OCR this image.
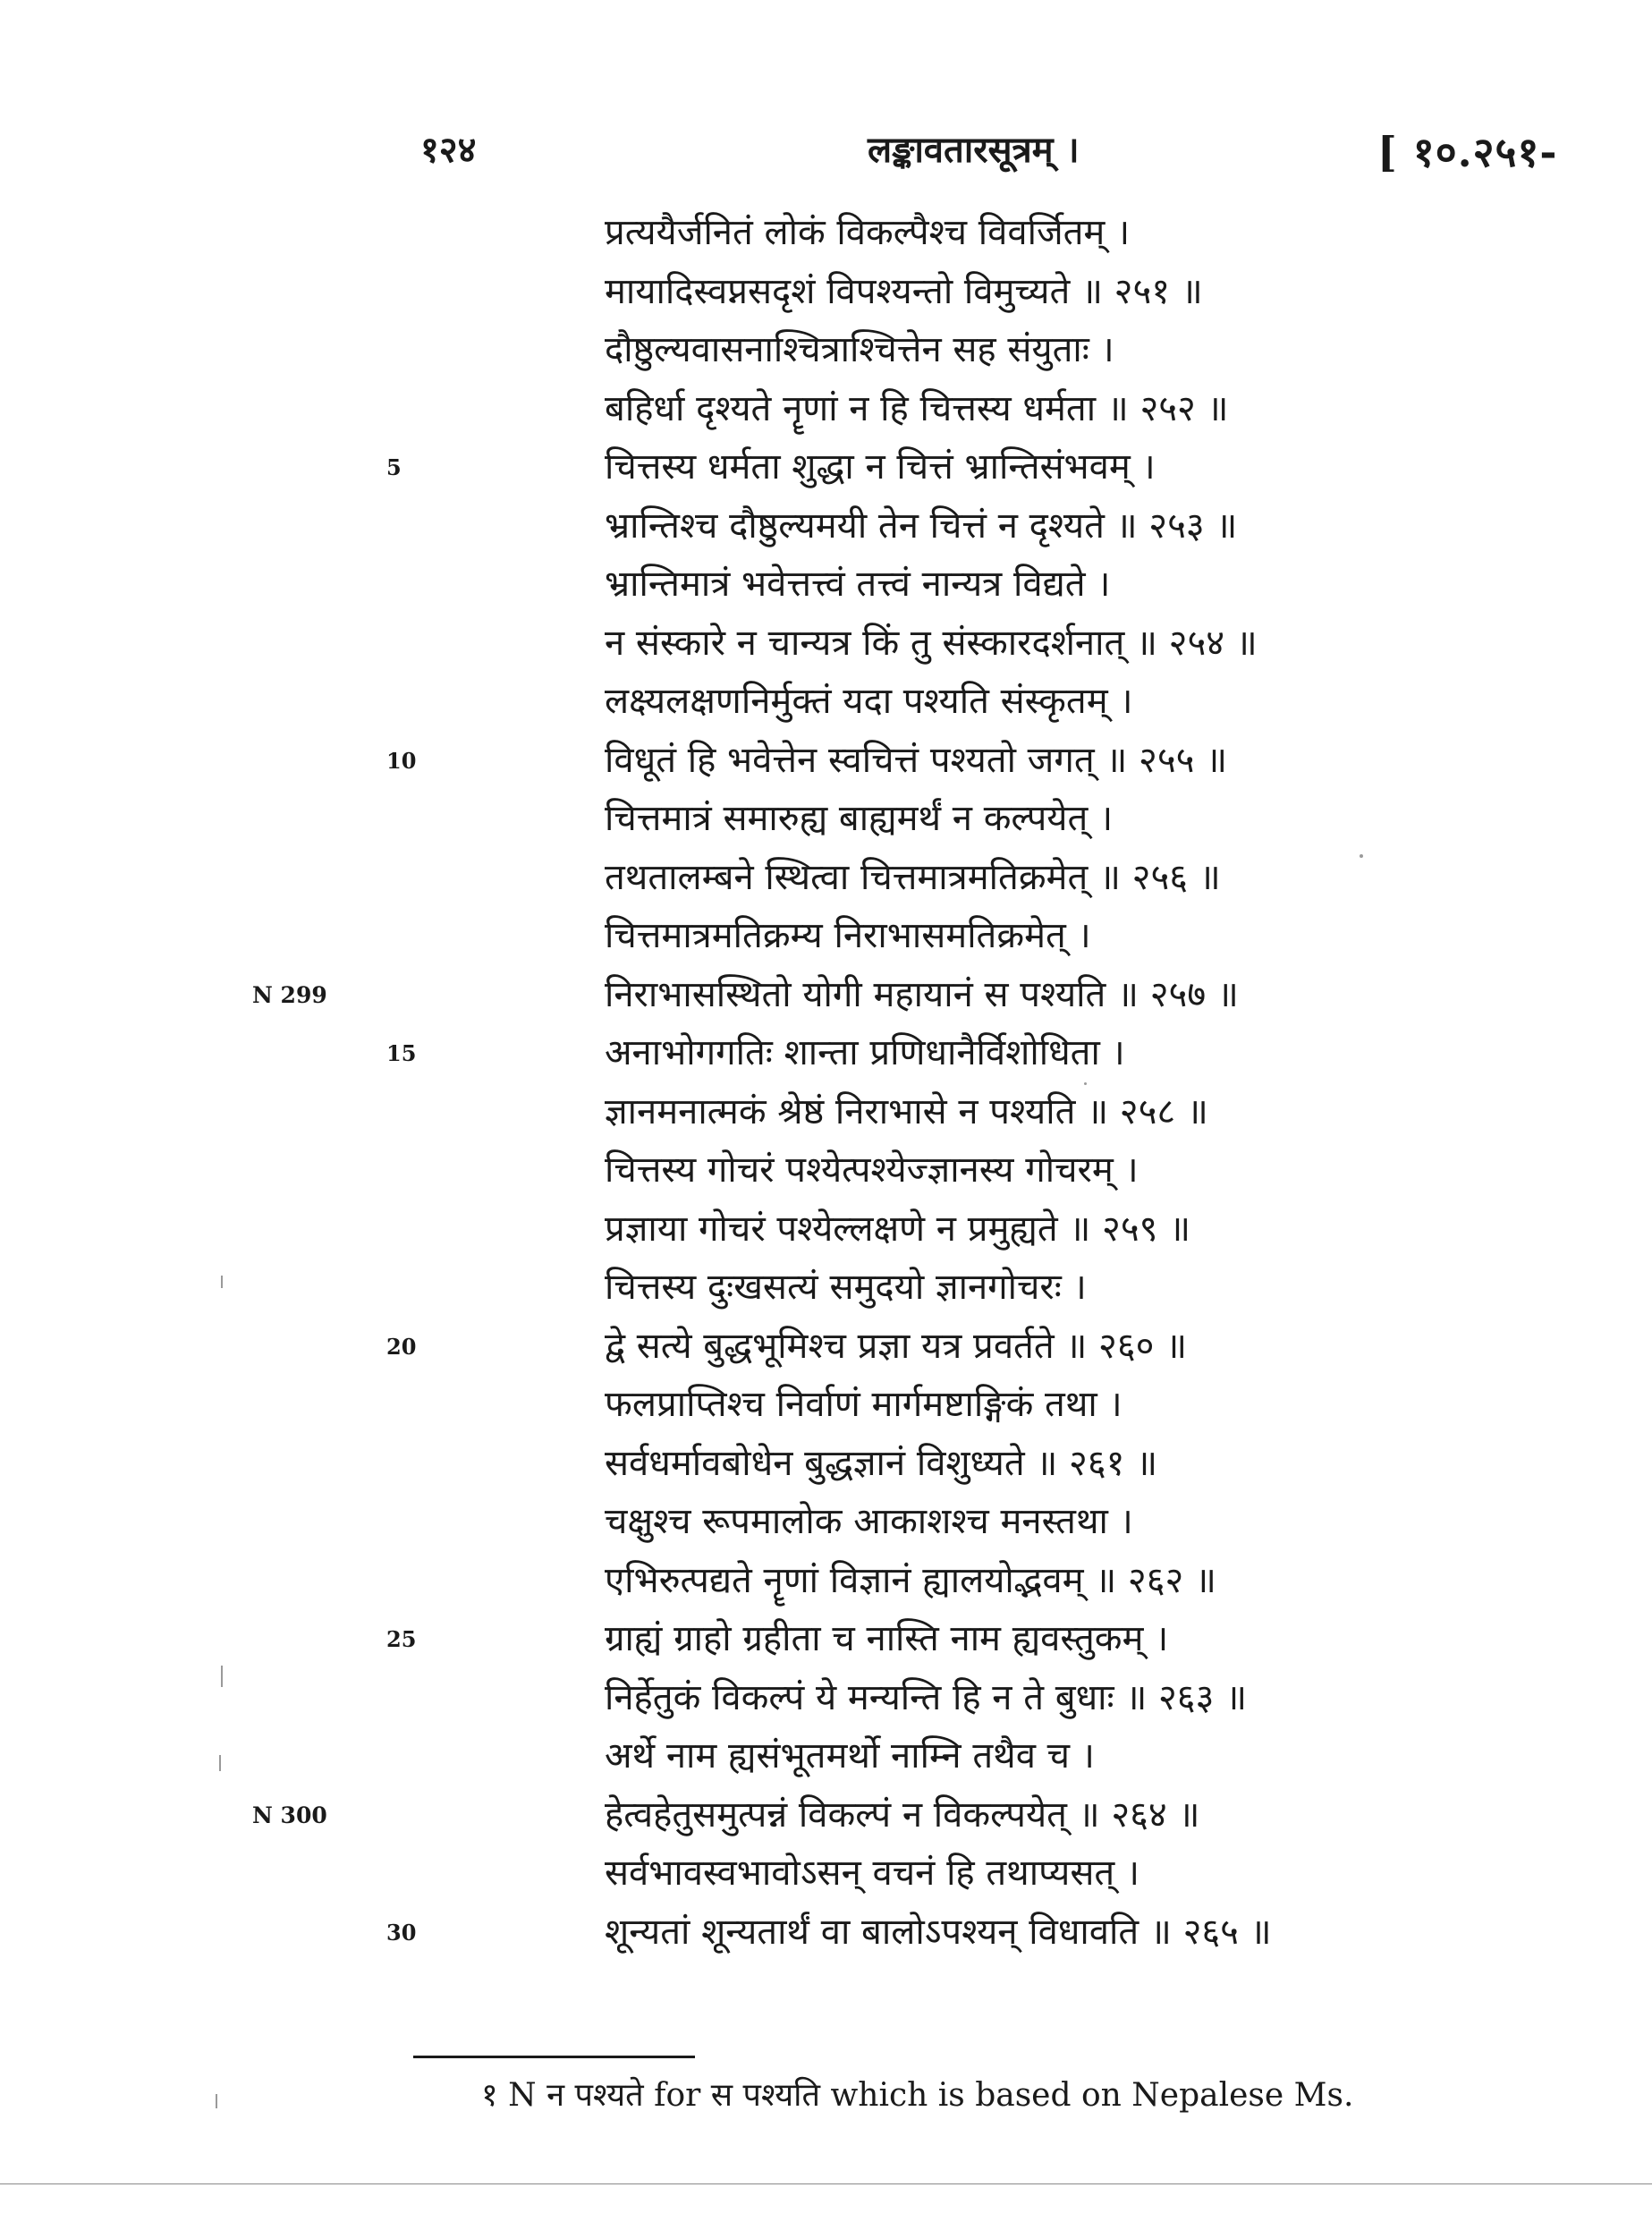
१२४	लङ्कावतारसूत्रम् ।	[ १०.२५१-
प्रत्ययैर्जनितं लोकं विकल्पैश्च विवर्जितम् ।
मायादिस्वप्नसदृशं विपश्यन्तो विमुच्यते ॥ २५१ ॥
दौष्ठुल्यवासनाश्चित्राश्चित्तेन सह संयुताः ।
बहिर्धा दृश्यते नॄणां न हि चित्तस्य धर्मता ॥ २५२ ॥
चित्तस्य धर्मता शुद्धा न चित्तं भ्रान्तिसंभवम् ।
5
भ्रान्तिश्च दौष्ठुल्यमयी तेन चित्तं न दृश्यते ॥ २५३ ॥
भ्रान्तिमात्रं भवेत्तत्त्वं तत्त्वं नान्यत्र विद्यते ।
न संस्कारे न चान्यत्र किं तु संस्कारदर्शनात् ॥ २५४ ॥
लक्ष्यलक्षणनिर्मुक्तं यदा पश्यति संस्कृतम् ।
विधूतं हि भवेत्तेन स्वचित्तं पश्यतो जगत् ॥ २५५ ॥
10
चित्तमात्रं समारुह्य बाह्यमर्थं न कल्पयेत् ।
तथतालम्बने स्थित्वा चित्तमात्रमतिक्रमेत् ॥ २५६ ॥
चित्तमात्रमतिक्रम्य निराभासमतिक्रमेत् ।
निराभासस्थितो योगी महायानं स पश्यति ॥ २५७ ॥
N 299
अनाभोगगतिः शान्ता प्रणिधानैर्विशोधिता ।
15
ज्ञानमनात्मकं श्रेष्ठं निराभासे न पश्यति ॥ २५८ ॥
चित्तस्य गोचरं पश्येत्पश्येज्ज्ञानस्य गोचरम् ।
प्रज्ञाया गोचरं पश्येल्लक्षणे न प्रमुह्यते ॥ २५९ ॥
चित्तस्य दुःखसत्यं समुदयो ज्ञानगोचरः ।
द्वे सत्ये बुद्धभूमिश्च प्रज्ञा यत्र प्रवर्तते ॥ २६० ॥
20
फलप्राप्तिश्च निर्वाणं मार्गमष्टाङ्गिकं तथा ।
सर्वधर्मावबोधेन बुद्धज्ञानं विशुध्यते ॥ २६१ ॥
चक्षुश्च रूपमालोक आकाशश्च मनस्तथा ।
एभिरुत्पद्यते नॄणां विज्ञानं ह्यालयोद्भवम् ॥ २६२ ॥
ग्राह्यं ग्राहो ग्रहीता च नास्ति नाम ह्यवस्तुकम् ।
25
निर्हेतुकं विकल्पं ये मन्यन्ति हि न ते बुधाः ॥ २६३ ॥
अर्थे नाम ह्यसंभूतमर्थो नाम्नि तथैव च ।
हेत्वहेतुसमुत्पन्नं विकल्पं न विकल्पयेत् ॥ २६४ ॥
N 300
सर्वभावस्वभावोऽसन् वचनं हि तथाप्यसत् ।
शून्यतां शून्यतार्थं वा बालोऽपश्यन् विधावति ॥ २६५ ॥
30
१ N न पश्यते for स पश्यति which is based on Nepalese Ms.
